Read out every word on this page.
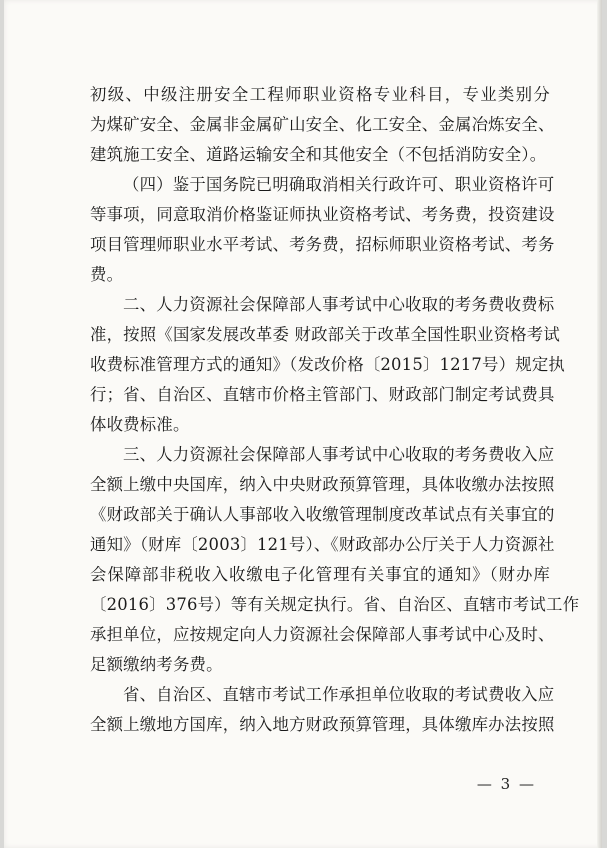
初级、中级注册安全工程师职业资格专业科目，专业类别分
为煤矿安全、金属非金属矿山安全、化工安全、金属冶炼安全、
建筑施工安全、道路运输安全和其他安全（不包括消防安全）。
（四）鉴于国务院已明确取消相关行政许可、职业资格许可
等事项，同意取消价格鉴证师执业资格考试、考务费，投资建设
项目管理师职业水平考试、考务费，招标师职业资格考试、考务
费。
二、人力资源社会保障部人事考试中心收取的考务费收费标
准，按照《国家发展改革委 财政部关于改革全国性职业资格考试
收费标准管理方式的通知》（发改价格〔2015〕1217号）规定执
行；省、自治区、直辖市价格主管部门、财政部门制定考试费具
体收费标准。
三、人力资源社会保障部人事考试中心收取的考务费收入应
全额上缴中央国库，纳入中央财政预算管理，具体收缴办法按照
《财政部关于确认人事部收入收缴管理制度改革试点有关事宜的
通知》（财库〔2003〕121号）、《财政部办公厅关于人力资源社
会保障部非税收入收缴电子化管理有关事宜的通知》（财办库
〔2016〕376号）等有关规定执行。省、自治区、直辖市考试工作
承担单位，应按规定向人力资源社会保障部人事考试中心及时、
足额缴纳考务费。
省、自治区、直辖市考试工作承担单位收取的考试费收入应
全额上缴地方国库，纳入地方财政预算管理，具体缴库办法按照
— 3 —
